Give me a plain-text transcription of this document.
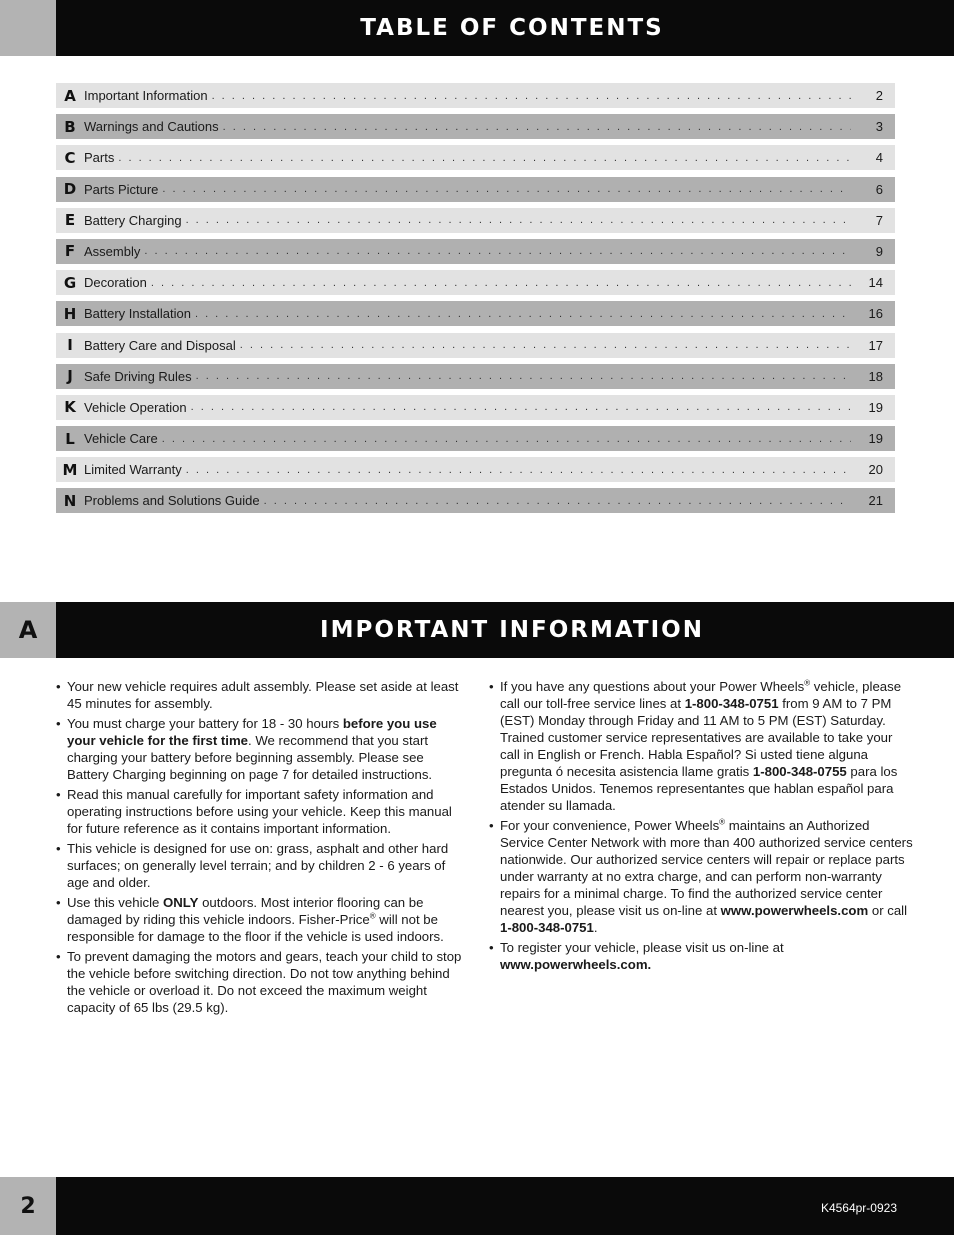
TABLE OF CONTENTS
A Important Information . . .	2
B Warnings and Cautions . . .	3
C Parts . . .	4
D Parts Picture . . .	6
E Battery Charging . . .	7
F Assembly . . .	9
G Decoration . . .	14
H Battery Installation . . .	16
I Battery Care and Disposal . . .	17
J Safe Driving Rules . . .	18
K Vehicle Operation . . .	19
L Vehicle Care . . .	19
M Limited Warranty . . .	20
N Problems and Solutions Guide . . .	21
A	IMPORTANT INFORMATION
• Your new vehicle requires adult assembly. Please set aside at least 45 minutes for assembly.
• You must charge your battery for 18 - 30 hours before you use your vehicle for the first time. We recommend that you start charging your battery before beginning assembly. Please see Battery Charging beginning on page 7 for detailed instructions.
• Read this manual carefully for important safety information and operating instructions before using your vehicle. Keep this manual for future reference as it contains important information.
• This vehicle is designed for use on: grass, asphalt and other hard surfaces; on generally level terrain; and by children 2 - 6 years of age and older.
• Use this vehicle ONLY outdoors. Most interior flooring can be damaged by riding this vehicle indoors. Fisher-Price® will not be responsible for damage to the floor if the vehicle is used indoors.
• To prevent damaging the motors and gears, teach your child to stop the vehicle before switching direction. Do not tow anything behind the vehicle or overload it. Do not exceed the maximum weight capacity of 65 lbs (29.5 kg).
• If you have any questions about your Power Wheels® vehicle, please call our toll-free service lines at 1-800-348-0751 from 9 AM to 7 PM (EST) Monday through Friday and 11 AM to 5 PM (EST) Saturday. Trained customer service representatives are available to take your call in English or French. Habla Español? Si usted tiene alguna pregunta ó necesita asistencia llame gratis 1-800-348-0755 para los Estados Unidos. Tenemos representantes que hablan español para atender su llamada.
• For your convenience, Power Wheels® maintains an Authorized Service Center Network with more than 400 authorized service centers nationwide. Our authorized service centers will repair or replace parts under warranty at no extra charge, and can perform non-warranty repairs for a minimal charge. To find the authorized service center nearest you, please visit us on-line at www.powerwheels.com or call 1-800-348-0751.
• To register your vehicle, please visit us on-line at www.powerwheels.com.
2	K4564pr-0923
